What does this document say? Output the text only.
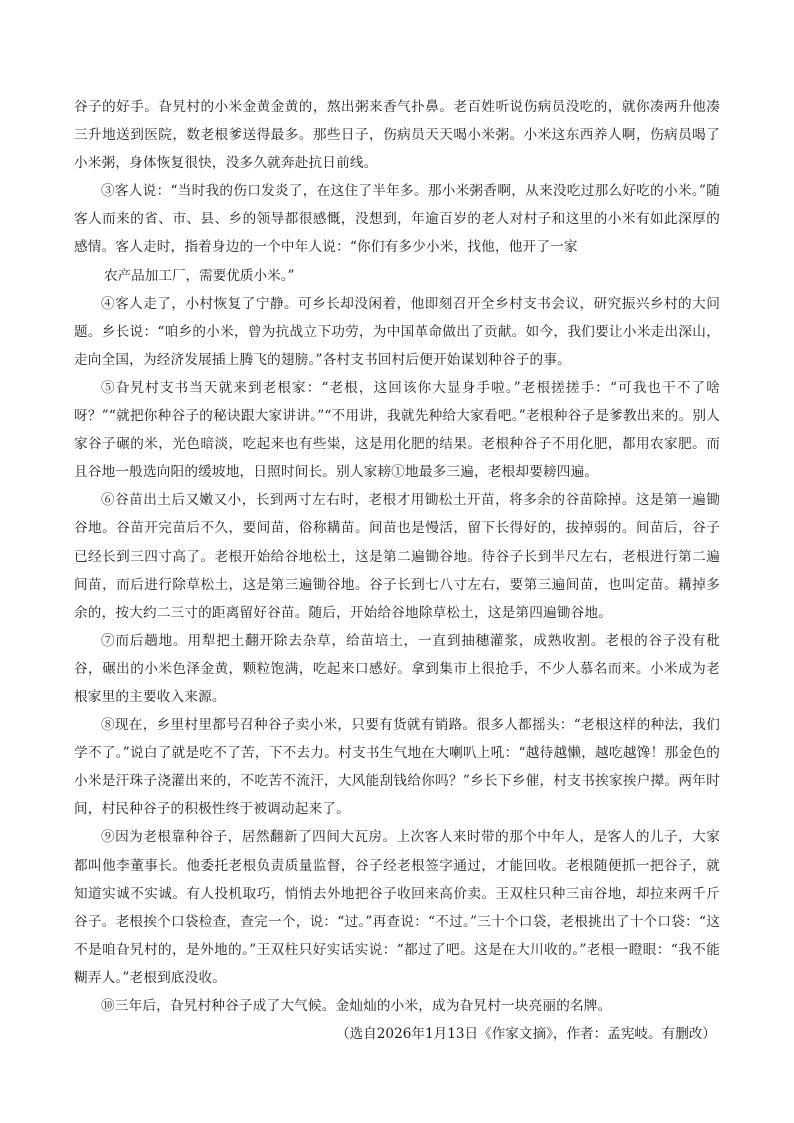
谷子的好手。旮旯村的小米金黄金黄的，熬出粥来香气扑鼻。老百姓听说伤病员没吃的，就你凑两升他凑三升地送到医院，数老根爹送得最多。那些日子，伤病员天天喝小米粥。小米这东西养人啊，伤病员喝了小米粥，身体恢复很快，没多久就奔赴抗日前线。

③客人说：“当时我的伤口发炎了，在这住了半年多。那小米粥香啊，从来没吃过那么好吃的小米。”随客人而来的省、市、县、乡的领导都很感慨，没想到，年逾百岁的老人对村子和这里的小米有如此深厚的感情。客人走时，指着身边的一个中年人说：“你们有多少小米，找他，他开了一家

农产品加工厂，需要优质小米。”

④客人走了，小村恢复了宁静。可乡长却没闲着，他即刻召开全乡村支书会议，研究振兴乡村的大问题。乡长说：“咱乡的小米，曾为抗战立下功劳，为中国革命做出了贡献。如今，我们要让小米走出深山，走向全国，为经济发展插上腾飞的翅膀。”各村支书回村后便开始谋划种谷子的事。

⑤旮旯村支书当天就来到老根家：“老根，这回该你大显身手啦。”老根搓搓手：“可我也干不了啥呀？”“就把你种谷子的秘诀跟大家讲讲。”“不用讲，我就先种给大家看吧。”老根种谷子是爹教出来的。别人家谷子碾的米，光色暗淡，吃起来也有些粜，这是用化肥的结果。老根种谷子不用化肥，都用农家肥。而且谷地一般选向阳的缓坡地，日照时间长。别人家耪①地最多三遍，老根却要耪四遍。

⑥谷苗出土后又嫩又小，长到两寸左右时，老根才用锄松土开苗，将多余的谷苗除掉。这是第一遍锄谷地。谷苗开完苗后不久，要间苗，俗称耩苗。间苗也是慢活，留下长得好的，拔掉弱的。间苗后，谷子已经长到三四寸高了。老根开始给谷地松土，这是第二遍锄谷地。待谷子长到半尺左右，老根进行第二遍间苗，而后进行除草松土，这是第三遍锄谷地。谷子长到七八寸左右，要第三遍间苗，也叫定苗。耩掉多余的，按大约二三寸的距离留好谷苗。随后，开始给谷地除草松土，这是第四遍锄谷地。

⑦而后趟地。用犁把土翻开除去杂草，给苗培土，一直到抽穗灌浆，成熟收割。老根的谷子没有秕谷，碾出的小米色泽金黄，颗粒饱满，吃起来口感好。拿到集市上很抢手，不少人慕名而来。小米成为老根家里的主要收入来源。

⑧现在，乡里村里都号召种谷子卖小米，只要有货就有销路。很多人都摇头：“老根这样的种法，我们学不了。”说白了就是吃不了苦，下不去力。村支书生气地在大喇叭上吼：“越待越懒，越吃越馋！那金色的小米是汗珠子浇灌出来的，不吃苦不流汗，大风能刮钱给你吗？”乡长下乡催，村支书挨家挨户撵。两年时间，村民种谷子的积极性终于被调动起来了。

⑨因为老根靠种谷子，居然翻新了四间大瓦房。上次客人来时带的那个中年人，是客人的儿子，大家都叫他李董事长。他委托老根负责质量监督，谷子经老根签字通过，才能回收。老根随便抓一把谷子，就知道实诚不实诚。有人投机取巧，悄悄去外地把谷子收回来高价卖。王双柱只种三亩谷地，却拉来两千斤谷子。老根挨个口袋检查，查完一个，说：“过。”再查说：“不过。”三十个口袋，老根挑出了十个口袋：“这不是咱旮旯村的，是外地的。”王双柱只好实话实说：“都过了吧。这是在大川收的。”老根一瞪眼：“我不能糊弄人。”老根到底没收。

⑩三年后，旮旯村种谷子成了大气候。金灿灿的小米，成为旮旯村一块亮丽的名牌。

（选自2026年1月13日《作家文摘》，作者：孟宪岐。有删改）
